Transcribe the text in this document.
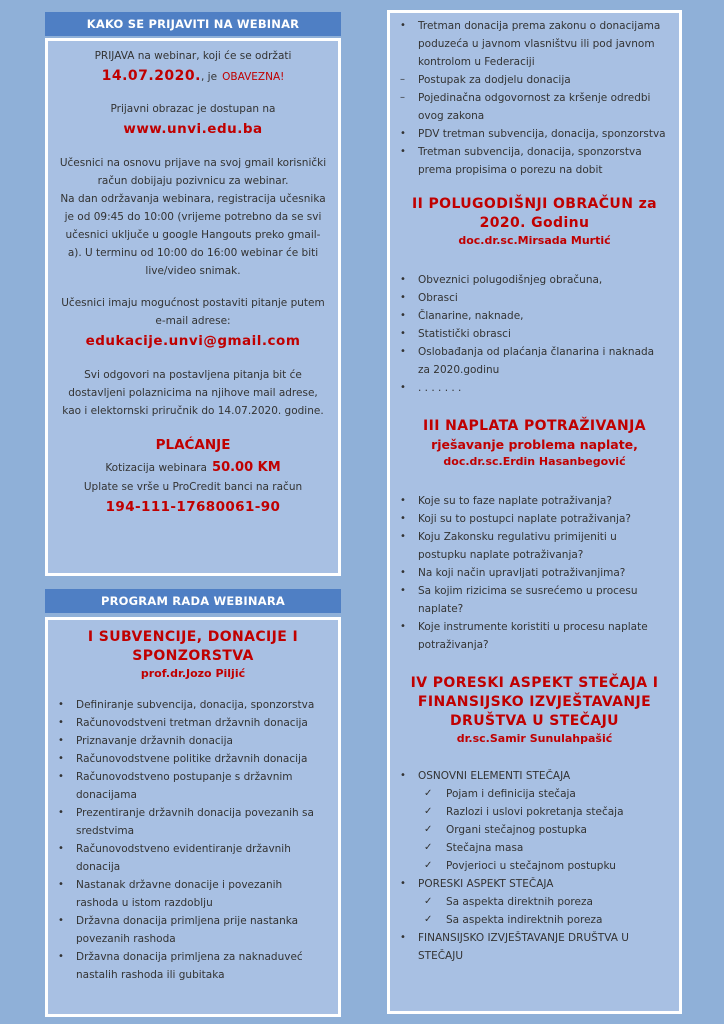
KAKO SE PRIJAVITI NA WEBINAR
PRIJAVA na webinar, koji će se održati
14.07.2020., je OBAVEZNA!
Prijavni obrazac je dostupan na
www.unvi.edu.ba
Učesnici na osnovu prijave na svoj gmail korisnički
račun dobijaju pozivnicu za webinar.
Na dan održavanja webinara, registracija učesnika
je od 09:45 do 10:00 (vrijeme potrebno da se svi
učesnici uključe u google Hangouts preko gmail-
a). U terminu od 10:00 do 16:00 webinar će biti
live/video snimak.
Učesnici imaju mogućnost postaviti pitanje putem
e-mail adrese:
edukacije.unvi@gmail.com
Svi odgovori na postavljena pitanja bit će
dostavljeni polaznicima na njihove mail adrese,
kao i elektornski priručnik do 14.07.2020. godine.
PLAĆANJE
Kotizacija webinara 50.00 KM
Uplate se vrše u ProCredit banci na račun
194-111-17680061-90
PROGRAM RADA WEBINARA
I SUBVENCIJE, DONACIJE I
SPONZORSTVA
prof.dr.Jozo Piljić
• Definiranje subvencija, donacija, sponzorstva
• Računovodstveni tretman državnih donacija
• Priznavanje državnih donacija
• Računovodstvene politike državnih donacija
• Računovodstveno postupanje s državnim
donacijama
• Prezentiranje državnih donacija povezanih sa
sredstvima
• Računovodstveno evidentiranje državnih
donacija
• Nastanak državne donacije i povezanih
rashoda u istom razdoblju
• Državna donacija primljena prije nastanka
povezanih rashoda
• Državna donacija primljena za naknaduveć
nastalih rashoda ili gubitaka
• Tretman donacija prema zakonu o donacijama
poduzeća u javnom vlasništvu ili pod javnom
kontrolom u Federaciji
– Postupak za dodjelu donacija
– Pojedinačna odgovornost za kršenje odredbi
ovog zakona
• PDV tretman subvencija, donacija, sponzorstva
• Tretman subvencija, donacija, sponzorstva
prema propisima o porezu na dobit
II POLUGODIŠNJI OBRAČUN za
2020. Godinu
doc.dr.sc.Mirsada Murtić
• Obveznici polugodišnjeg obračuna,
• Obrasci
• Članarine, naknade,
• Statistički obrasci
• Oslobađanja od plaćanja članarina i naknada
za 2020.godinu
• . . . . . . .
III NAPLATA POTRAŽIVANJA
rješavanje problema naplate,
doc.dr.sc.Erdin Hasanbegović
• Koje su to faze naplate potraživanja?
• Koji su to postupci naplate potraživanja?
• Koju Zakonsku regulativu primijeniti u
postupku naplate potraživanja?
• Na koji način upravljati potraživanjima?
• Sa kojim rizicima se susrećemo u procesu
naplate?
• Koje instrumente koristiti u procesu naplate
potraživanja?
IV PORESKI ASPEKT STEČAJA I
FINANSIJSKO IZVJEŠTAVANJE
DRUŠTVA U STEČAJU
dr.sc.Samir Sunulahpašić
• OSNOVNI ELEMENTI STEČAJA
✓ Pojam i definicija stečaja
✓ Razlozi i uslovi pokretanja stečaja
✓ Organi stečajnog postupka
✓ Stečajna masa
✓ Povjerioci u stečajnom postupku
• PORESKI ASPEKT STEČAJA
✓ Sa aspekta direktnih poreza
✓ Sa aspekta indirektnih poreza
• FINANSIJSKO IZVJEŠTAVANJE DRUŠTVA U
STEČAJU
